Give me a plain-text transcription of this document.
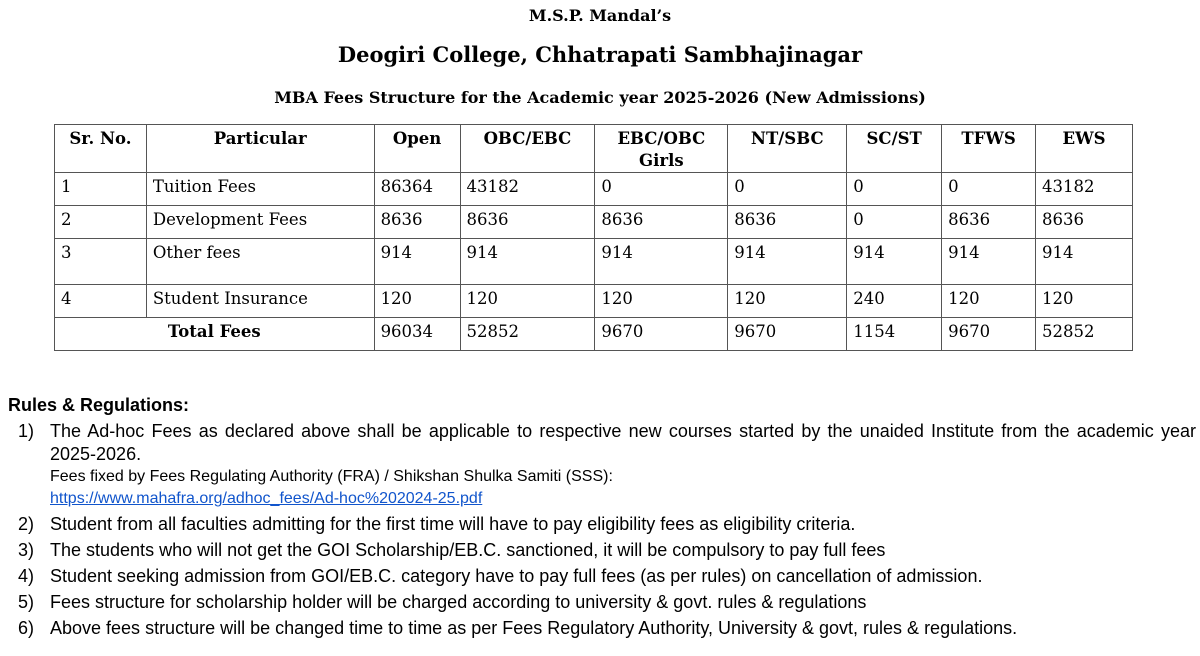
M.S.P. Mandal’s
Deogiri College, Chhatrapati Sambhajinagar
MBA Fees Structure for the Academic year 2025-2026 (New Admissions)
Sr. No.	Particular	Open	OBC/EBC	EBC/OBC Girls	NT/SBC	SC/ST	TFWS	EWS
1	Tuition Fees	86364	43182	0	0	0	0	43182
2	Development Fees	8636	8636	8636	8636	0	8636	8636
3	Other fees	914	914	914	914	914	914	914
4	Student Insurance	120	120	120	120	240	120	120
Total Fees		96034	52852	9670	9670	1154	9670	52852
Rules & Regulations:
1) The Ad-hoc Fees as declared above shall be applicable to respective new courses started by the unaided Institute from the academic year 2025-2026.
Fees fixed by Fees Regulating Authority (FRA) / Shikshan Shulka Samiti (SSS):
https://www.mahafra.org/adhoc_fees/Ad-hoc%202024-25.pdf
2) Student from all faculties admitting for the first time will have to pay eligibility fees as eligibility criteria.
3) The students who will not get the GOI Scholarship/EB.C. sanctioned, it will be compulsory to pay full fees
4) Student seeking admission from GOI/EB.C. category have to pay full fees (as per rules) on cancellation of admission.
5) Fees structure for scholarship holder will be charged according to university & govt. rules & regulations
6) Above fees structure will be changed time to time as per Fees Regulatory Authority, University & govt, rules & regulations.
